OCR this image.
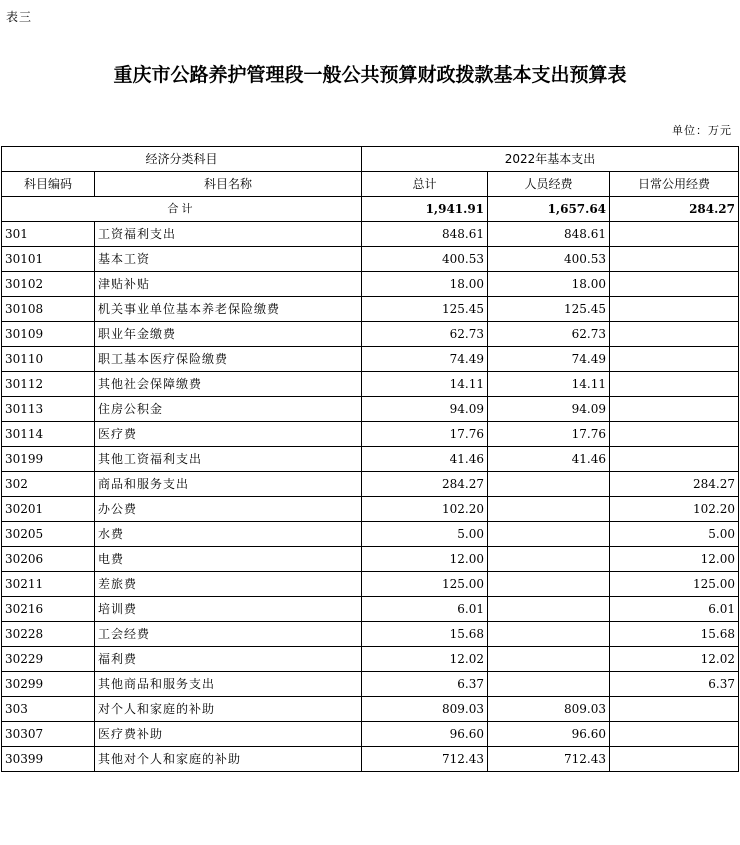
表三
重庆市公路养护管理段一般公共预算财政拨款基本支出预算表
单位：万元
经济分类科目		2022年基本支出		
科目编码	科目名称	总计	人员经费	日常公用经费
合计		1,941.91	1,657.64	284.27
301	工资福利支出	848.61	848.61	
30101	基本工资	400.53	400.53	
30102	津贴补贴	18.00	18.00	
30108	机关事业单位基本养老保险缴费	125.45	125.45	
30109	职业年金缴费	62.73	62.73	
30110	职工基本医疗保险缴费	74.49	74.49	
30112	其他社会保障缴费	14.11	14.11	
30113	住房公积金	94.09	94.09	
30114	医疗费	17.76	17.76	
30199	其他工资福利支出	41.46	41.46	
302	商品和服务支出	284.27		284.27
30201	办公费	102.20		102.20
30205	水费	5.00		5.00
30206	电费	12.00		12.00
30211	差旅费	125.00		125.00
30216	培训费	6.01		6.01
30228	工会经费	15.68		15.68
30229	福利费	12.02		12.02
30299	其他商品和服务支出	6.37		6.37
303	对个人和家庭的补助	809.03	809.03	
30307	医疗费补助	96.60	96.60	
30399	其他对个人和家庭的补助	712.43	712.43	
